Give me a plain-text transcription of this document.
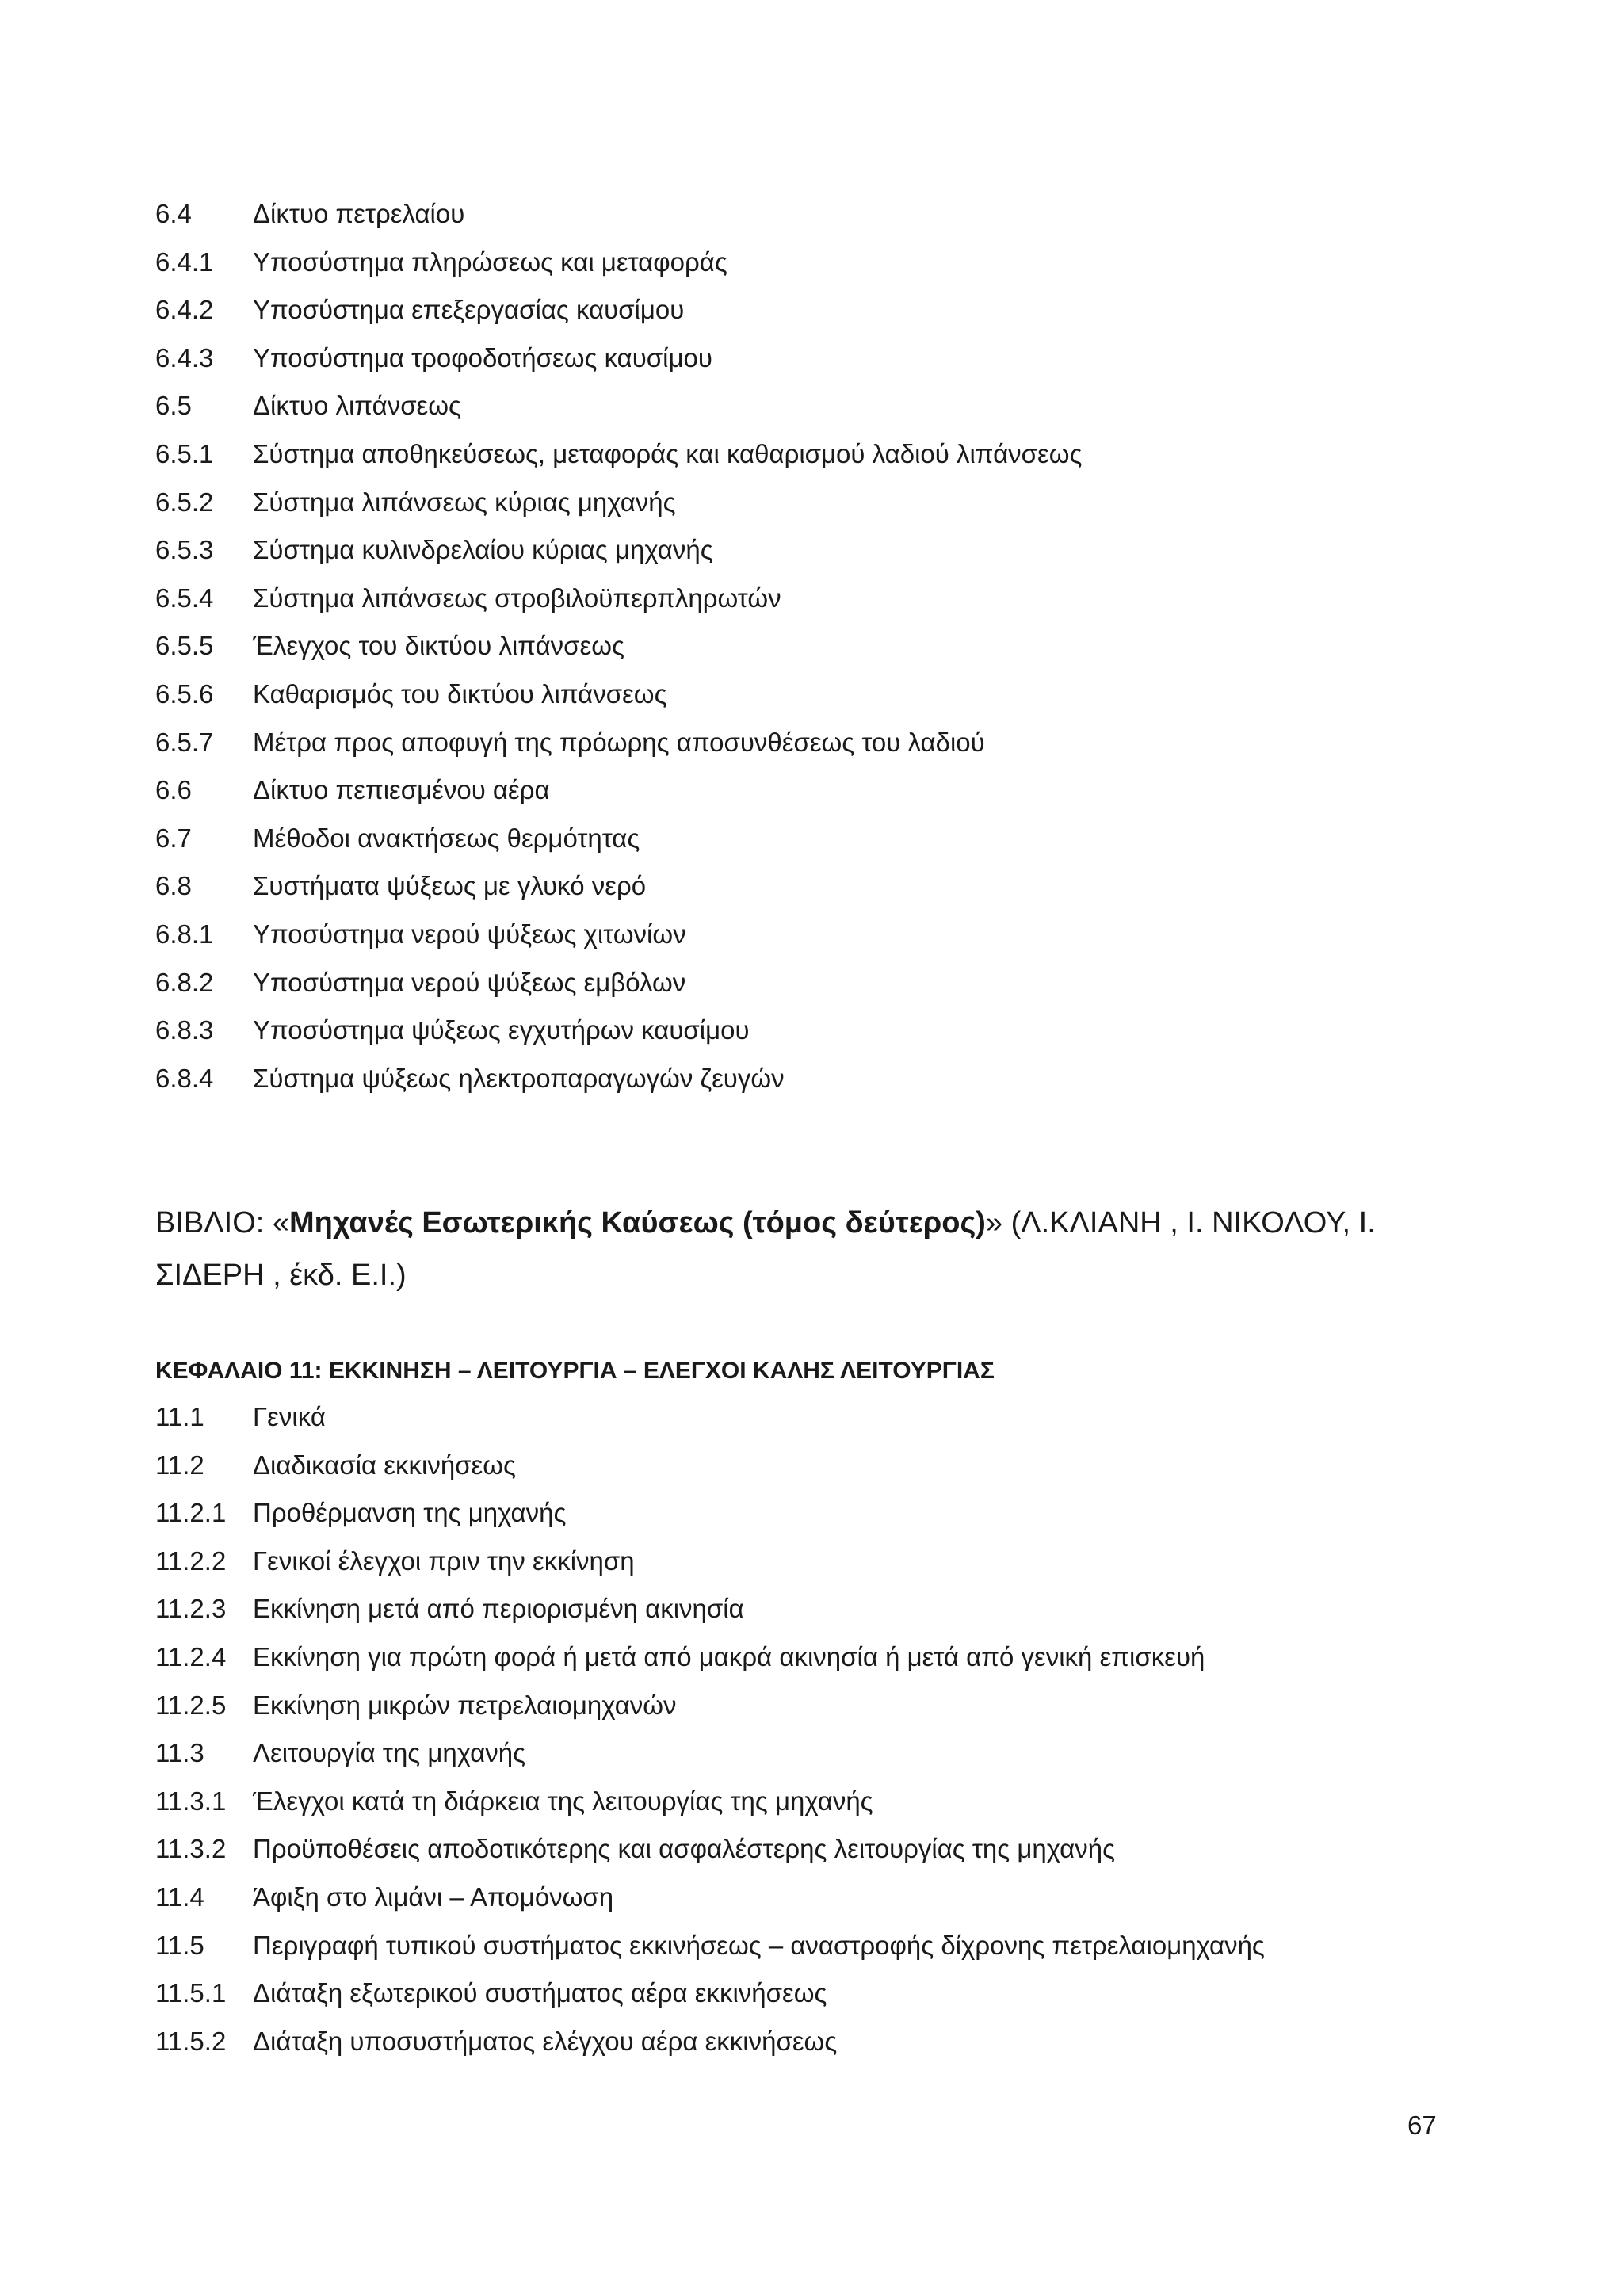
6.4	Δίκτυο πετρελαίου
6.4.1	Υποσύστημα πληρώσεως και μεταφοράς
6.4.2	Υποσύστημα επεξεργασίας καυσίμου
6.4.3	Υποσύστημα τροφοδοτήσεως καυσίμου
6.5	Δίκτυο λιπάνσεως
6.5.1	Σύστημα αποθηκεύσεως, μεταφοράς και καθαρισμού λαδιού λιπάνσεως
6.5.2	Σύστημα λιπάνσεως κύριας μηχανής
6.5.3	Σύστημα κυλινδρελαίου κύριας μηχανής
6.5.4	Σύστημα λιπάνσεως στροβιλοϋπερπληρωτών
6.5.5	Έλεγχος του δικτύου λιπάνσεως
6.5.6	Καθαρισμός του δικτύου λιπάνσεως
6.5.7	Μέτρα προς αποφυγή της πρόωρης αποσυνθέσεως του λαδιού
6.6	Δίκτυο πεπιεσμένου αέρα
6.7	Μέθοδοι ανακτήσεως θερμότητας
6.8	Συστήματα ψύξεως με γλυκό νερό
6.8.1	Υποσύστημα νερού ψύξεως χιτωνίων
6.8.2	Υποσύστημα νερού ψύξεως εμβόλων
6.8.3	Υποσύστημα ψύξεως εγχυτήρων καυσίμου
6.8.4	Σύστημα ψύξεως ηλεκτροπαραγωγών ζευγών

ΒΙΒΛΙΟ: «Μηχανές Εσωτερικής Καύσεως (τόμος δεύτερος)» (Λ.ΚΛΙΑΝΗ , Ι. ΝΙΚΟΛΟΥ, Ι. ΣΙΔΕΡΗ , έκδ. Ε.Ι.)

ΚΕΦΑΛΑΙΟ 11: ΕΚΚΙΝΗΣΗ – ΛΕΙΤΟΥΡΓΙΑ – ΕΛΕΓΧΟΙ ΚΑΛΗΣ ΛΕΙΤΟΥΡΓΙΑΣ
11.1	Γενικά
11.2	Διαδικασία εκκινήσεως
11.2.1	Προθέρμανση της μηχανής
11.2.2	Γενικοί έλεγχοι πριν την εκκίνηση
11.2.3	Εκκίνηση μετά από περιορισμένη ακινησία
11.2.4	Εκκίνηση για πρώτη φορά ή μετά από μακρά ακινησία ή μετά από γενική επισκευή
11.2.5	Εκκίνηση μικρών πετρελαιομηχανών
11.3	Λειτουργία της μηχανής
11.3.1	Έλεγχοι κατά τη διάρκεια της λειτουργίας της μηχανής
11.3.2	Προϋποθέσεις αποδοτικότερης και ασφαλέστερης λειτουργίας της μηχανής
11.4	Άφιξη στο λιμάνι – Απομόνωση
11.5	Περιγραφή τυπικού συστήματος εκκινήσεως – αναστροφής δίχρονης πετρελαιομηχανής
11.5.1	Διάταξη εξωτερικού συστήματος αέρα εκκινήσεως
11.5.2	Διάταξη υποσυστήματος ελέγχου αέρα εκκινήσεως
67
